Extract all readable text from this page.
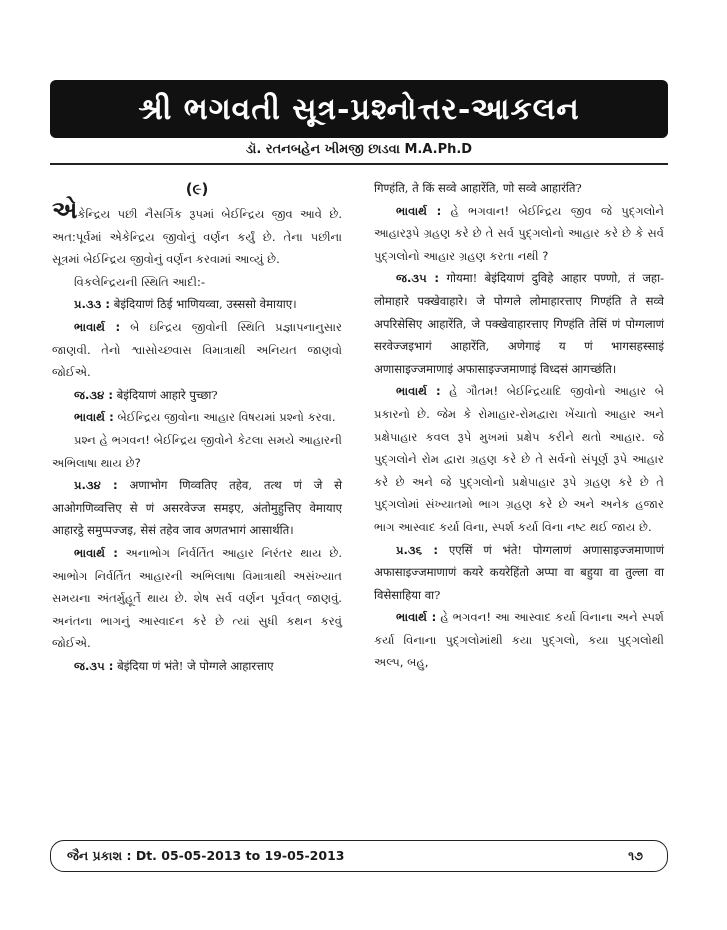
શ્રી ભગવતી સૂત્ર-પ્રશ્નોત્તર-આકલન
ડૉ. રતનબહેન ખીમજી છાડવા M.A.Ph.D
(૯)

એકેન્દ્રિય પછી નૈસર્ગિક રૂપમાં બેઈન્દ્રિય જીવ આવે છે. અત:પૂર્વમાં એકેન્દ્રિય જીવોનું વર્ણન કર્યું છે. તેના પછીના સૂત્રમાં બેઈન્દ્રિય જીવોનું વર્ણન કરવામાં આવ્યું છે.

વિકલેન્દ્રિયની સ્થિતિ આદી:-

પ્ર.૩૩ : बेइंदियाणं ठिई भाणियव्वा, उस्ससो वेमायाए।

ભાવાર્થ : બે ઇન્દ્રિય જીવોની સ્થિતિ પ્રજ્ઞાપનાનુસાર જાણવી. તેનો શ્વાસોચ્છ્વાસ વિમાત્રાથી અનિયત જાણવો જોઈએ.

જ.૩૪ : बेइंदियाणं आहारे पुच्छा?

ભાવાર્થ : બેઈન્દ્રિય જીવોના આહાર વિષયમાં પ્રશ્નો કરવા.

પ્રશ્ન હે ભગવન! બેઈન્દ્રિય જીવોને કેટલા સમયે આહારની અભિલાષા થાય છે?

પ્ર.૩૪ : अणाभोग णिव्वतिए तहेव, तत्थ णं जे से आओगणिव्वत्तिए से णं असरवेज्ज समइए, अंतोमुहुत्तिए वेमायाए आहारट्ठे समुप्पज्जइ, सेसं तहेव जाव अणतभागं आसार्थति।

ભાવાર્થ : અનાભોગ નિર્વર્તિત આહાર નિરંતર થાય છે. આભોગ નિર્વર્તિત આહારની અભિલાષા વિમાત્રાથી અસંખ્યાત સમયના અંતર્મુહૂર્તે થાય છે. શેષ સર્વ વર્ણન પૂર્વવત્ જાણવું. અનંતના ભાગનું આસ્વાદન કરે છે ત્યાં સુધી કથન કરવું જોઈએ.

જ.૩૫ : बेइंदिया णं भंते! जे पोग्गले आहारत्ताए

गिण्हंति, ते किं सव्वे आहारेंति, णो सव्वे आहारंति?

ભાવાર્થ : હે ભગવાન! બેઈન્દ્રિય જીવ જે પુદ્ગલોને આહારરૂપે ગ્રહણ કરે છે તે સર્વ પુદ્ગલોનો આહાર કરે છે કે સર્વ પુદ્ગલોનો આહાર ગ્રહણ કરતા નથી ?

જ.૩૫ : गोयमा! बेइंदियाणं दुविहे आहार पण्णो, तं जहा-लोमाहारे पक्खेवाहारे। जे पोग्गले लोमाहारत्ताए गिण्हंति ते सव्वे अपरिसेसिए आहारेंति, जे पक्खेवाहारत्ताए गिण्हंति तेसिं णं पोग्गलाणं सरवेज्जइभागं आहारेंति, अणेगाइं य णं भागसहस्साइं अणासाइज्जमाणाइं अफासाइज्जमाणाइं विध्दसं आगच्छंति।

ભાવાર્થ : હે ગૌતમ! બેઈન્દ્રિયાદિ જીવોનો આહાર બે પ્રકારનો છે. જેમ કે રોમાહાર-રોમદ્વારા ખેંચાતો આહાર અને પ્રક્ષેપાહાર કવલ રૂપે મુખમાં પ્રક્ષેપ કરીને થતો આહાર. જે પુદ્ગલોને રોમ દ્વારા ગ્રહણ કરે છે તે સર્વનો સંપૂર્ણ રૂપે આહાર કરે છે અને જે પુદ્ગલોનો પ્રક્ષેપાહાર રૂપે ગ્રહણ કરે છે તે પુદ્ગલોમાં સંખ્યાતમો ભાગ ગ્રહણ કરે છે અને અનેક હજાર ભાગ આસ્વાદ કર્યા વિના, સ્પર્શ કર્યા વિના નષ્ટ થઈ જાય છે.

પ્ર.૩૬ : एएसिं णं भंते! पोग्गलाणं अणासाइज्जमाणाणं अफासाइज्जमाणाणं कयरे कयरेहिंतो अप्पा वा बहुया वा तुल्ला वा विसेसाहिया वा?

ભાવાર્થ : હે ભગવન! આ આસ્વાદ કર્યા વિનાના અને સ્પર્શ કર્યા વિનાના પુદ્ગલોમાંથી કયા પુદ્ગલો, કયા પુદ્ગલોથી અલ્પ, બહુ,

જૈન પ્રકાશ : Dt. 05-05-2013 to 19-05-2013	૧૭
